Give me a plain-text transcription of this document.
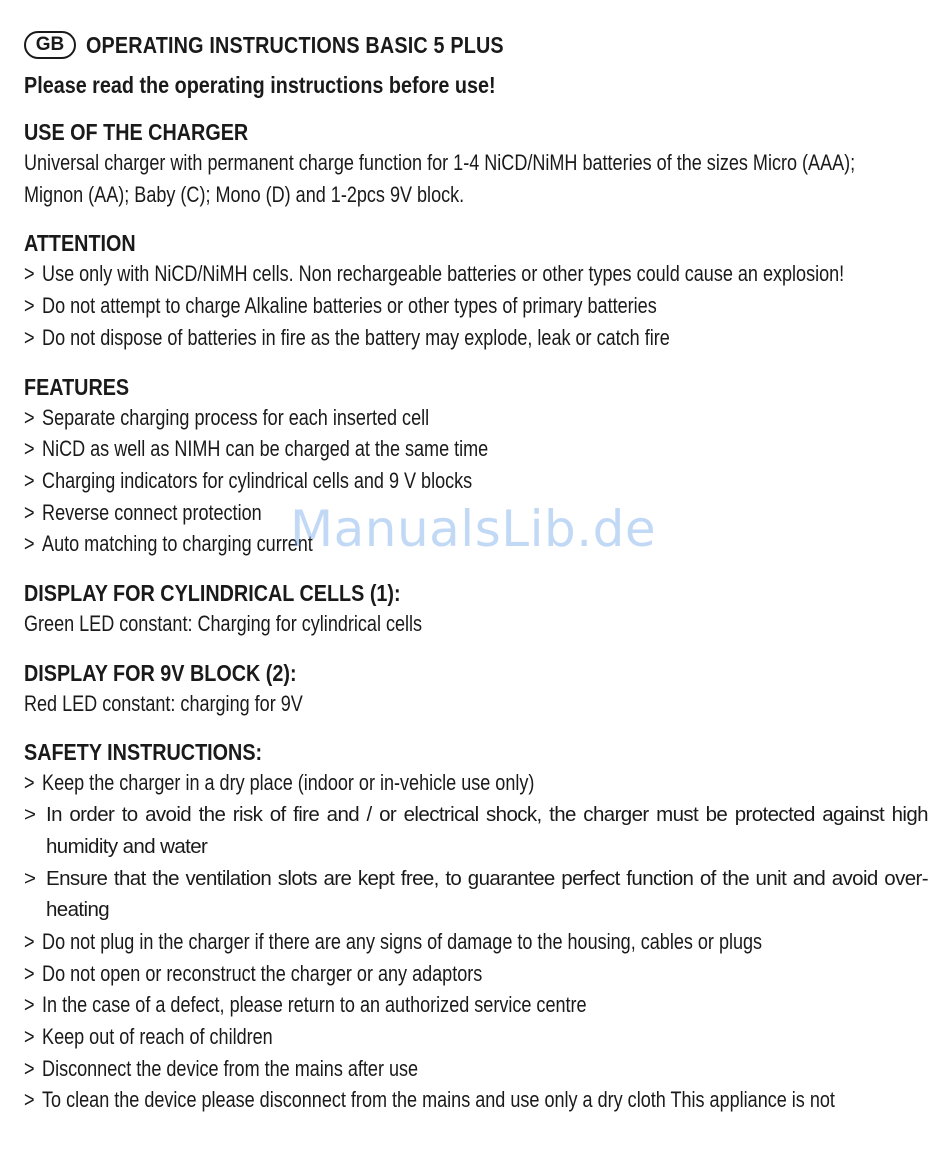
GB OPERATING INSTRUCTIONS BASIC 5 PLUS
Please read the operating instructions before use!
USE OF THE CHARGER

Universal charger with permanent charge function for 1-4 NiCD/NiMH batteries of the sizes Micro (AAA);

Mignon (AA); Baby (C); Mono (D) and 1-2pcs 9V block.

ATTENTION
> Use only with NiCD/NiMH cells. Non rechargeable batteries or other types could cause an explosion!
> Do not attempt to charge Alkaline batteries or other types of primary batteries
> Do not dispose of batteries in fire as the battery may explode, leak or catch fire
FEATURES
> Separate charging process for each inserted cell
> NiCD as well as NIMH can be charged at the same time
> Charging indicators for cylindrical cells and 9 V blocks
> Reverse connect protection
> Auto matching to charging current
DISPLAY FOR CYLINDRICAL CELLS (1):

Green LED constant: Charging for cylindrical cells

DISPLAY FOR 9V BLOCK (2):

Red LED constant: charging for 9V

SAFETY INSTRUCTIONS:
> Keep the charger in a dry place (indoor or in-vehicle use only)
> In order to avoid the risk of fire and / or electrical shock, the charger must be protected against high humidity and water
> Ensure that the ventilation slots are kept free, to guarantee perfect function of the unit and avoid over-heating
> Do not plug in the charger if there are any signs of damage to the housing, cables or plugs
> Do not open or reconstruct the charger or any adaptors
> In the case of a defect, please return to an authorized service centre
> Keep out of reach of children
> Disconnect the device from the mains after use
> To clean the device please disconnect from the mains and use only a dry cloth This appliance is not
ManualsLib.de
